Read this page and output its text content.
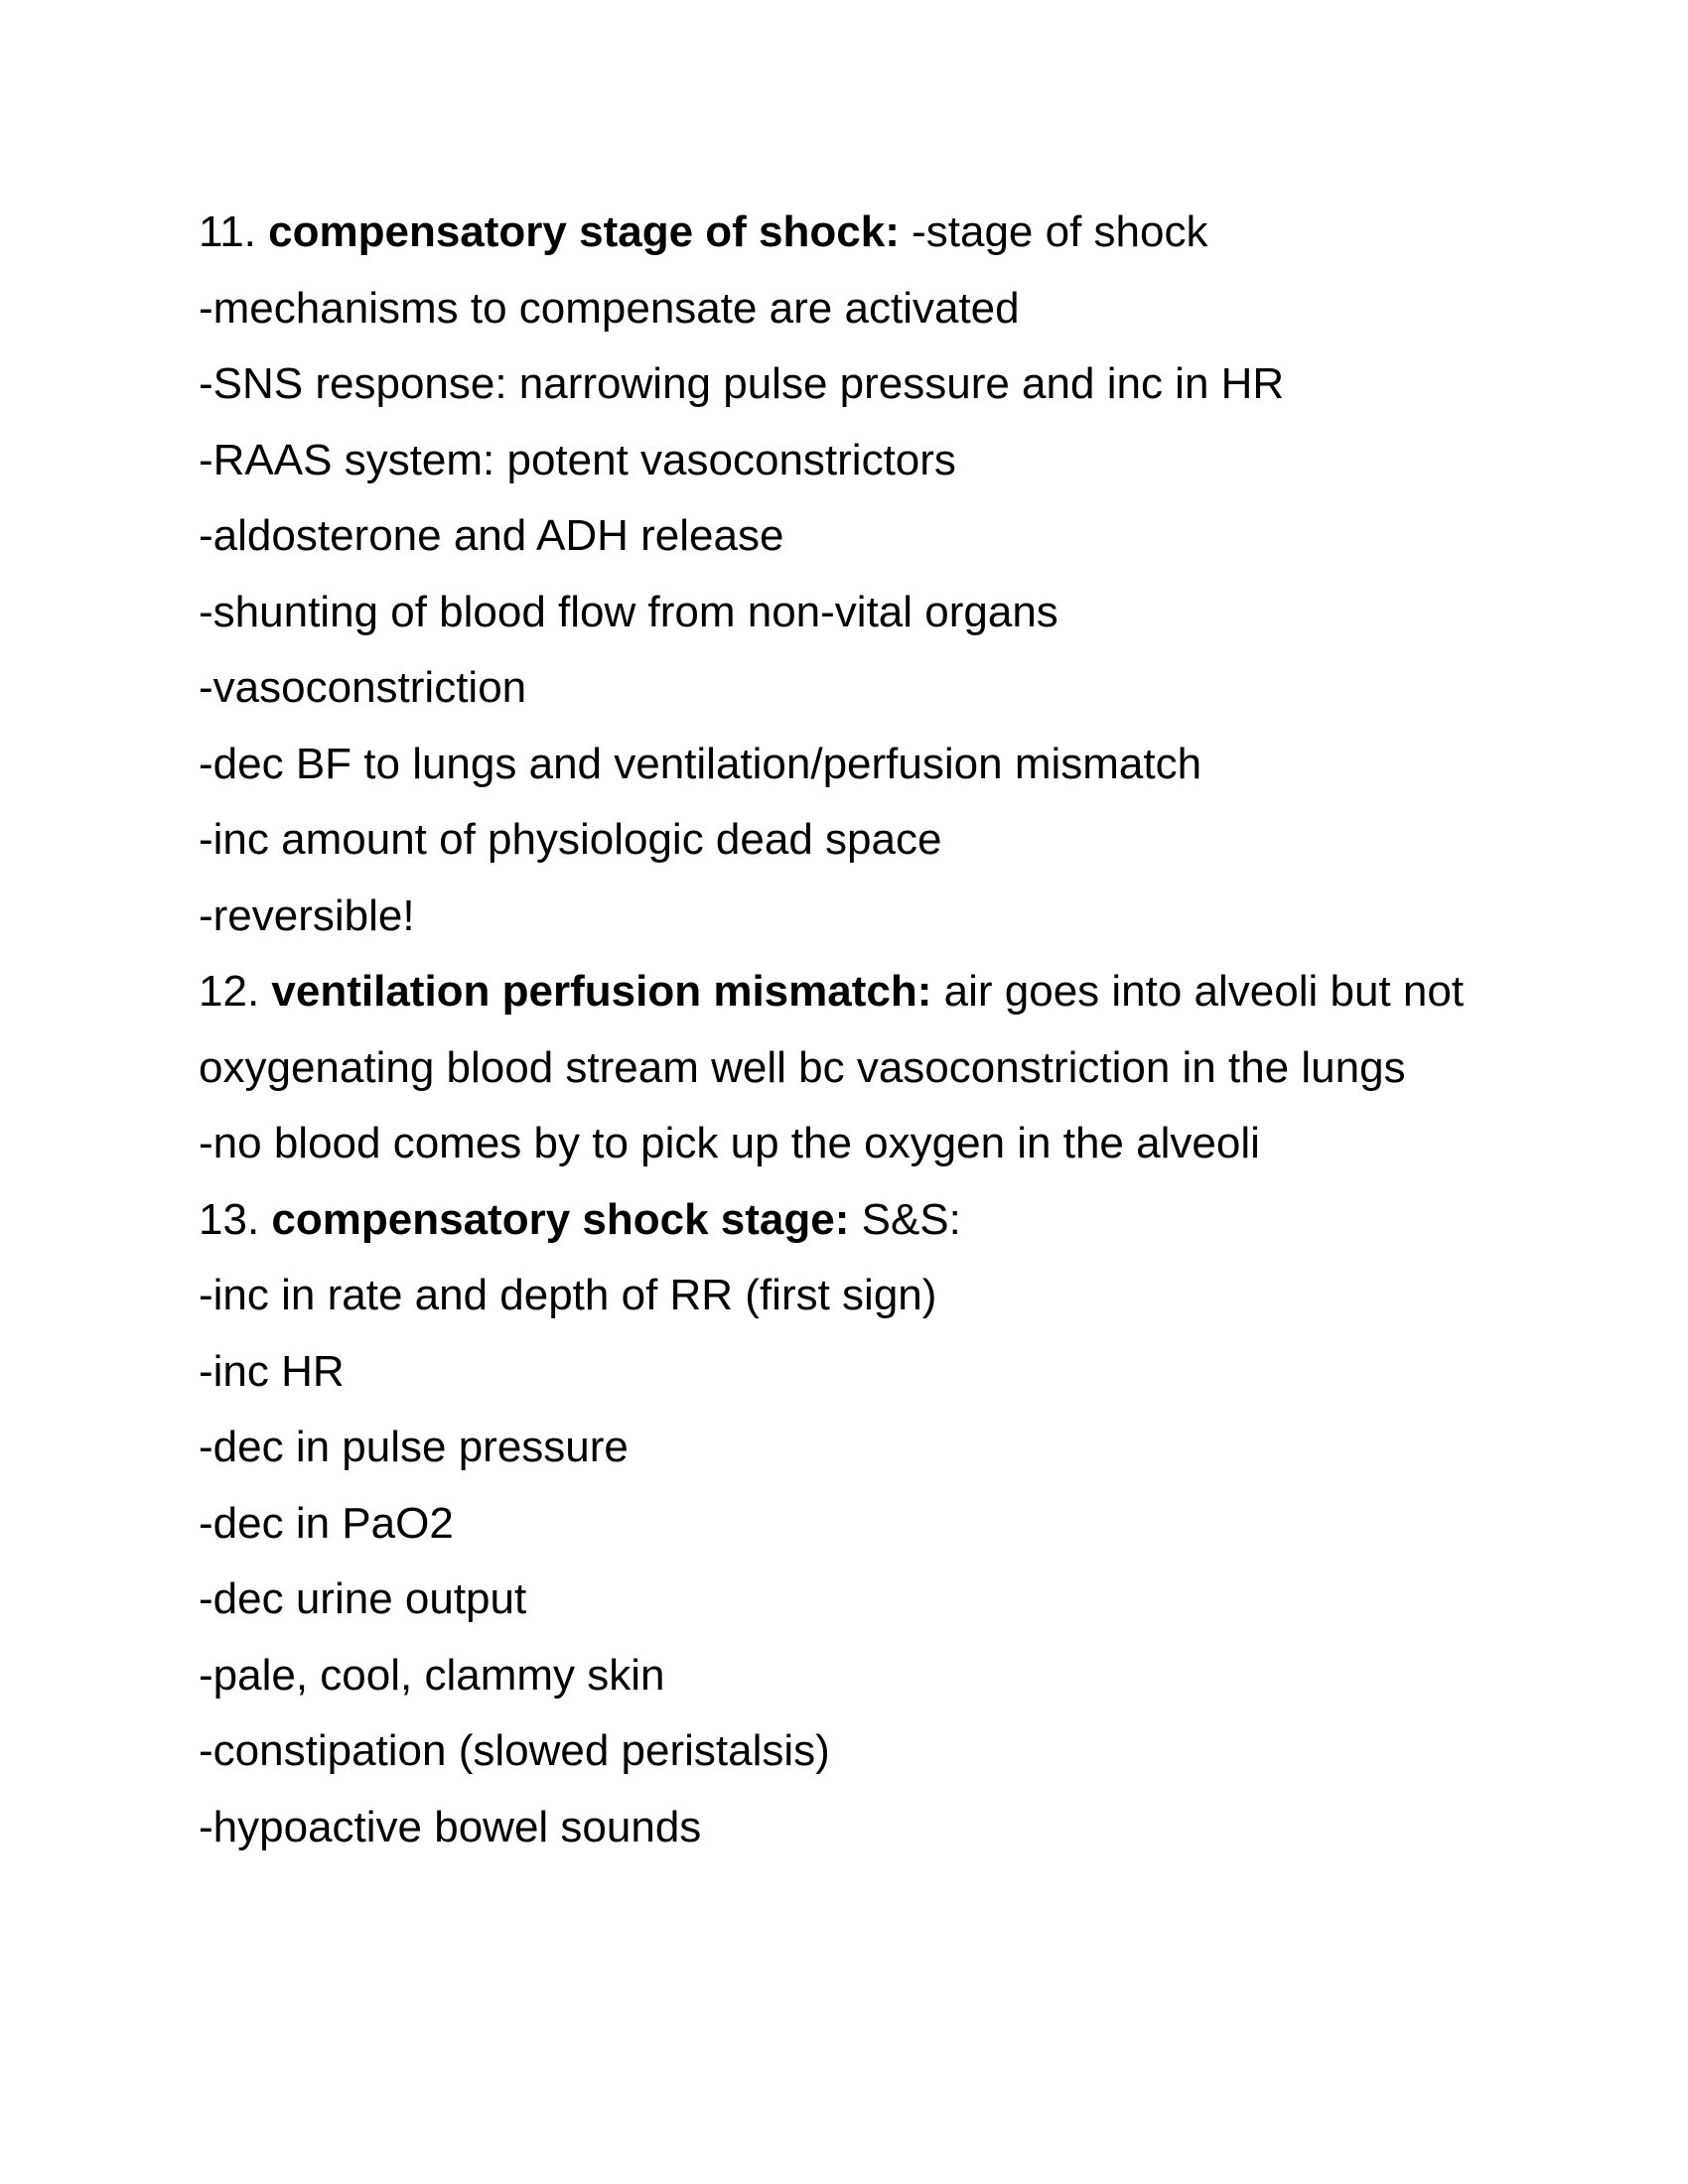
11. compensatory stage of shock: -stage of shock

-mechanisms to compensate are activated

-SNS response: narrowing pulse pressure and inc in HR

-RAAS system: potent vasoconstrictors

-aldosterone and ADH release

-shunting of blood flow from non-vital organs

-vasoconstriction

-dec BF to lungs and ventilation/perfusion mismatch

-inc amount of physiologic dead space

-reversible!

12. ventilation perfusion mismatch: air goes into alveoli but not

oxygenating blood stream well bc vasoconstriction in the lungs

-no blood comes by to pick up the oxygen in the alveoli

13. compensatory shock stage: S&S:

-inc in rate and depth of RR (first sign)

-inc HR

-dec in pulse pressure

-dec in PaO2

-dec urine output

-pale, cool, clammy skin

-constipation (slowed peristalsis)

-hypoactive bowel sounds
